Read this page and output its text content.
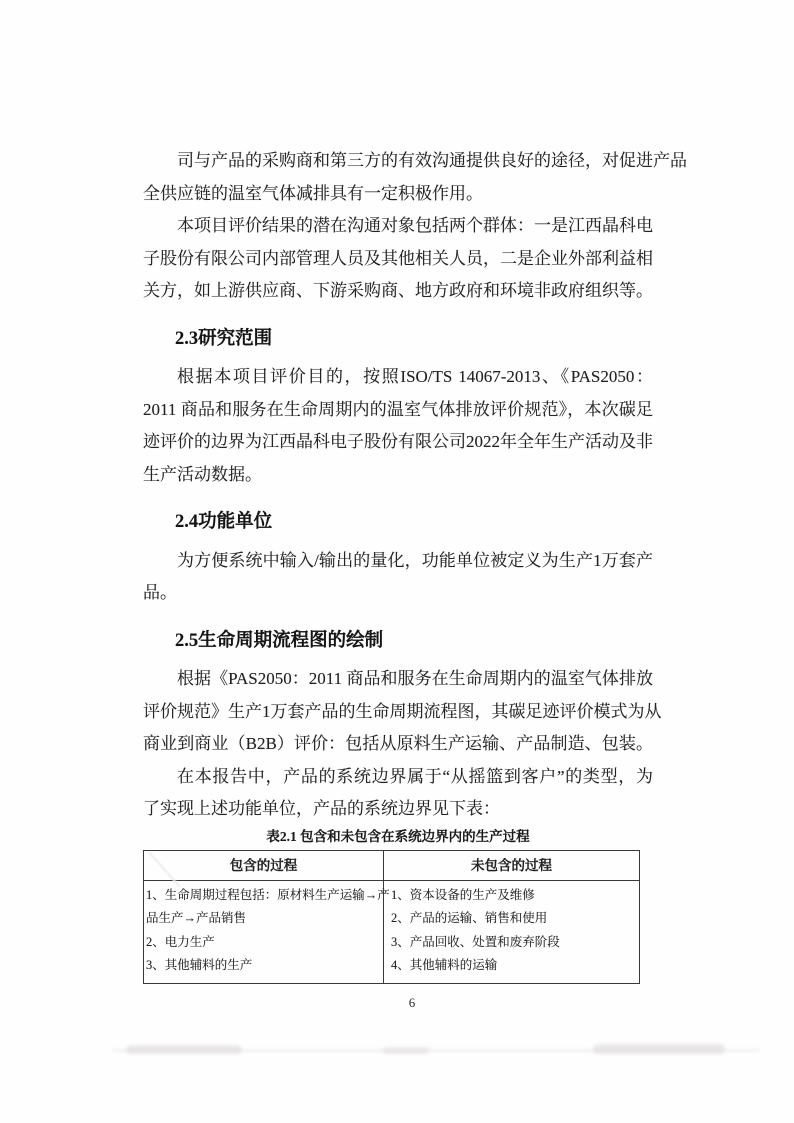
司与产品的采购商和第三方的有效沟通提供良好的途径，对促进产品
全供应链的温室气体减排具有一定积极作用。
本项目评价结果的潜在沟通对象包括两个群体：一是江西晶科电
子股份有限公司内部管理人员及其他相关人员，二是企业外部利益相
关方，如上游供应商、下游采购商、地方政府和环境非政府组织等。
2.3研究范围
根据本项目评价目的，按照ISO/TS 14067-2013、《PAS2050：
2011 商品和服务在生命周期内的温室气体排放评价规范》，本次碳足
迹评价的边界为江西晶科电子股份有限公司2022年全年生产活动及非
生产活动数据。
2.4功能单位
为方便系统中输入/输出的量化，功能单位被定义为生产1万套产
品。
2.5生命周期流程图的绘制
根据《PAS2050：2011 商品和服务在生命周期内的温室气体排放
评价规范》生产1万套产品的生命周期流程图，其碳足迹评价模式为从
商业到商业（B2B）评价：包括从原料生产运输、产品制造、包装。
在本报告中，产品的系统边界属于“从摇篮到客户”的类型，为
了实现上述功能单位，产品的系统边界见下表：
表2.1 包含和未包含在系统边界内的生产过程
包含的过程	未包含的过程
1、生命周期过程包括：原材料生产运输→产
品生产→产品销售
2、电力生产
3、其他辅料的生产
1、资本设备的生产及维修
2、产品的运输、销售和使用
3、产品回收、处置和废弃阶段
4、其他辅料的运输
6
